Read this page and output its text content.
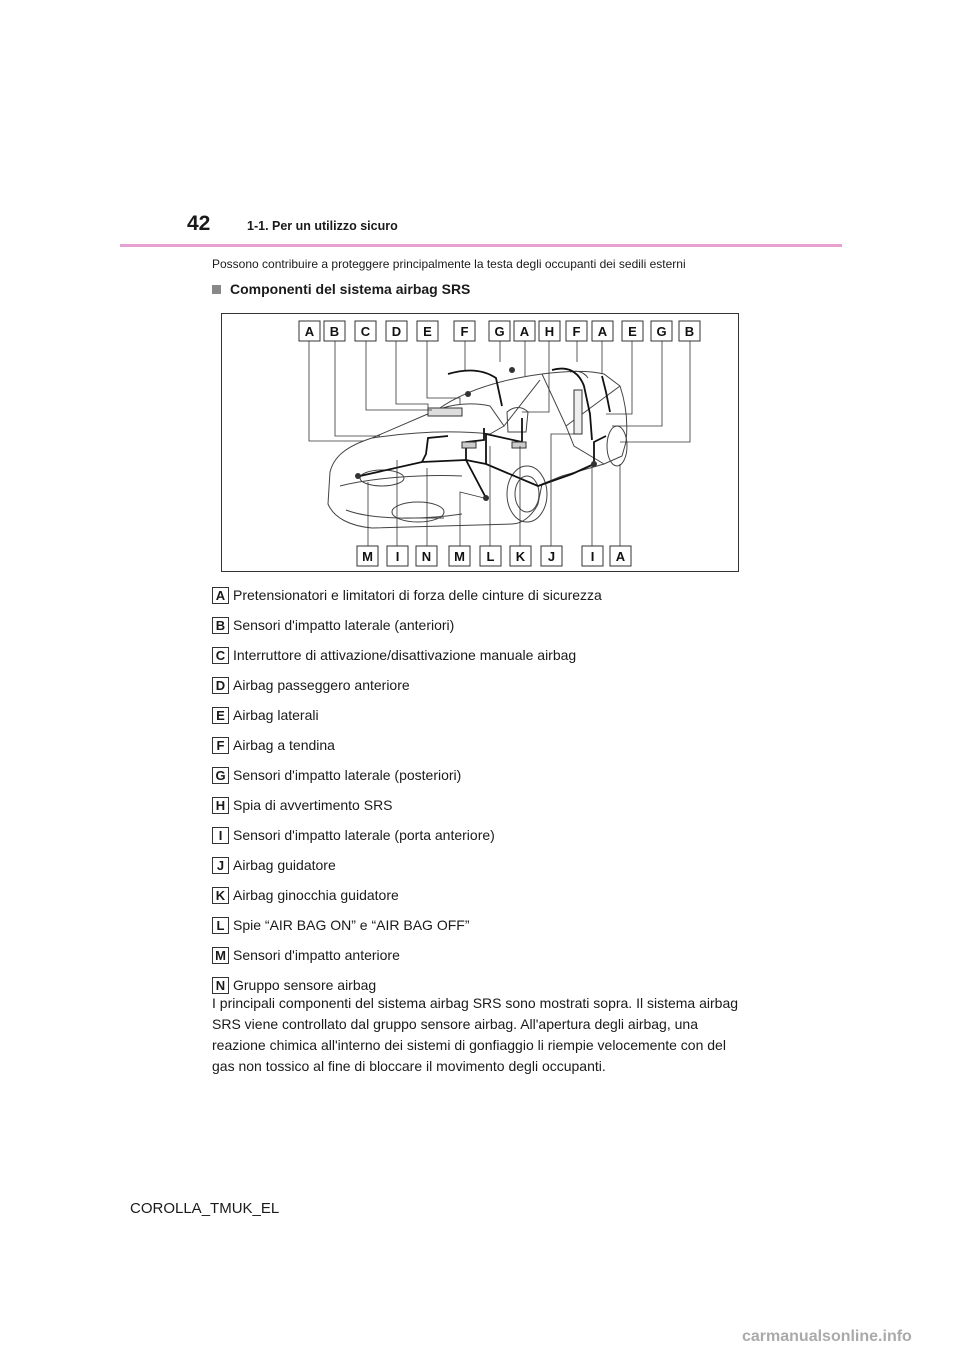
42	1-1. Per un utilizzo sicuro
Possono contribuire a proteggere principalmente la testa degli occupanti dei sedili esterni
Componenti del sistema airbag SRS
A B C D E F G A H F A E G B
M I N M L K J	I A
A Pretensionatori e limitatori di forza delle cinture di sicurezza
B Sensori d'impatto laterale (anteriori)
C Interruttore di attivazione/disattivazione manuale airbag
D Airbag passeggero anteriore
E Airbag laterali
F Airbag a tendina
G Sensori d'impatto laterale (posteriori)
H Spia di avvertimento SRS
I Sensori d'impatto laterale (porta anteriore)
J Airbag guidatore
K Airbag ginocchia guidatore
L Spie “AIR BAG ON” e “AIR BAG OFF”
M Sensori d'impatto anteriore
N Gruppo sensore airbag

I principali componenti del sistema airbag SRS sono mostrati sopra. Il sistema airbag SRS viene controllato dal gruppo sensore airbag. All'apertura degli airbag, una reazione chimica all'interno dei sistemi di gonfiaggio li riempie velocemente con del gas non tossico al fine di bloccare il movimento degli occupanti.

COROLLA_TMUK_EL
carmanualsonline.info
